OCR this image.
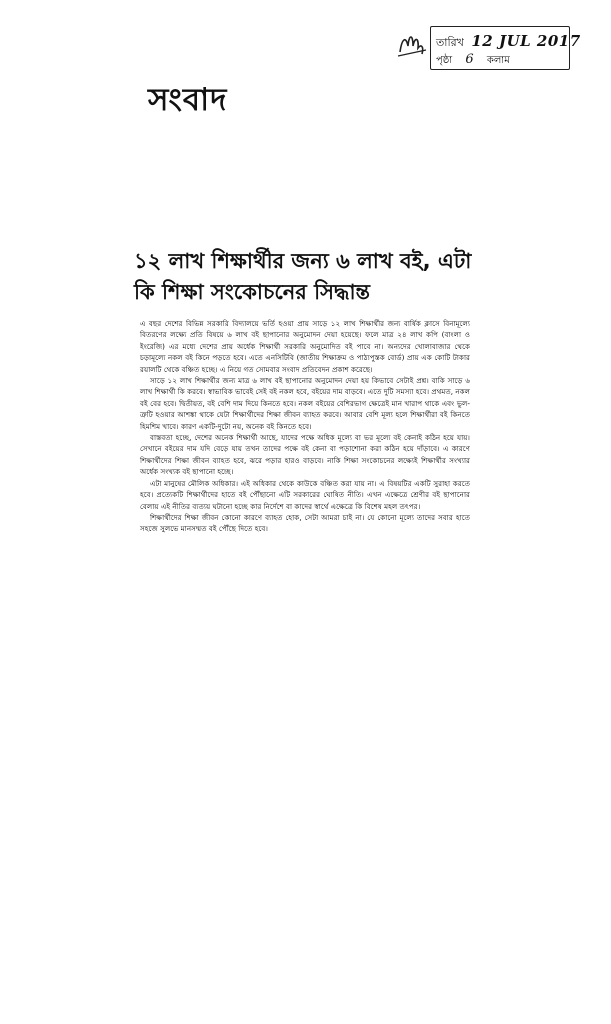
তারিখ 12 JUL 2017
পৃষ্ঠা 6 কলাম
সংবাদ
১২ লাখ শিক্ষার্থীর জন্য ৬ লাখ বই, এটা কি শিক্ষা সংকোচনের সিদ্ধান্ত

এ বছর দেশের বিভিন্ন সরকারি বিদ্যালয়ে ভর্তি হওয়া প্রায় সাড়ে ১২ লাখ শিক্ষার্থীর জন্য বার্ষিক ক্লাসে বিনামূল্যে বিতরণের লক্ষ্যে প্রতি বিষয়ে ৬ লাখ বই ছাপানোর অনুমোদন দেয়া হয়েছে। ফলে মাত্র ২৪ লাখ কপি (বাংলা ও ইংরেজি) এর মধ্যে দেশের প্রায় অর্ধেক শিক্ষার্থী সরকারি অনুমোদিত বই পাবে না। অন্যদের খোলাবাজার থেকে চড়ামূল্যে নকল বই কিনে পড়তে হবে। এতে এনসিটিবি (জাতীয় শিক্ষাক্রম ও পাঠ্যপুস্তক বোর্ড) প্রায় এক কোটি টাকার রয়ালটি থেকে বঞ্চিত হচ্ছে। এ নিয়ে গত সোমবার সংবাদ প্রতিবেদন প্রকাশ করেছে।

সাড়ে ১২ লাখ শিক্ষার্থীর জন্য মাত্র ৬ লাখ বই ছাপানোর অনুমোদন দেয়া হয় কিভাবে সেটাই প্রশ্ন। বাকি সাড়ে ৬ লাখ শিক্ষার্থী কি করবে। স্বাভাবিক ভাবেই সেই বই নকল হবে, বইয়ের দাম বাড়বে। এতে দুটি সমস্যা হবে। প্রথমত, নকল বই বের হবে। দ্বিতীয়ত, বই বেশি দাম দিয়ে কিনতে হবে। নকল বইয়ের বেশিরভাগ ক্ষেত্রেই মান খারাপ থাকে এবং ভুল-ত্রুটি হওয়ার আশঙ্কা থাকে যেটা শিক্ষার্থীদের শিক্ষা জীবন ব্যাহত করবে। আবার বেশি মূল্য হলে শিক্ষার্থীরা বই কিনতে হিমশিম খাবে। কারণ একটি-দুটো নয়, অনেক বই কিনতে হবে।

বাস্তবতা হচ্ছে, দেশের অনেক শিক্ষার্থী আছে, যাদের পক্ষে অধিক মূল্যে বা ভর মূল্যে বই কেনাই কঠিন হয়ে যায়। সেখানে বইয়ের দাম যদি বেড়ে যায় তখন তাদের পক্ষে বই কেনা বা পড়াশোনা করা কঠিন হয়ে দাঁড়াবে। এ কারণে শিক্ষার্থীদের শিক্ষা জীবন ব্যাহত হবে, ঝরে পড়ার হারও বাড়বে। নাকি শিক্ষা সংকোচনের লক্ষ্যেই শিক্ষার্থীর সংখ্যার অর্ধেক সংখ্যক বই ছাপানো হচ্ছে।

এটা মানুষের মৌলিক অধিকার। এই অধিকার থেকে কাউকে বঞ্চিত করা যায় না। এ বিষয়টির একটি সুরাহা করতে হবে। প্রত্যেকটি শিক্ষার্থীদের হাতে বই পৌঁছানো এটি সরকারের ঘোষিত নীতি। এখন এক্ষেত্রে শ্রেণীর বই ছাপানোর বেলায় এই নীতির ব্যত্যয় ঘটানো হচ্ছে কার নির্দেশে বা কাদের স্বার্থে এক্ষেত্রে কি বিশেষ মহল তৎপর।

শিক্ষার্থীদের শিক্ষা জীবন কোনো কারণে ব্যাহত হোক, সেটা আমরা চাই না। যে কোনো মূল্যে তাদের সবার হাতে সহজে সুলভে মানসম্মত বই পৌঁছে দিতে হবে।
